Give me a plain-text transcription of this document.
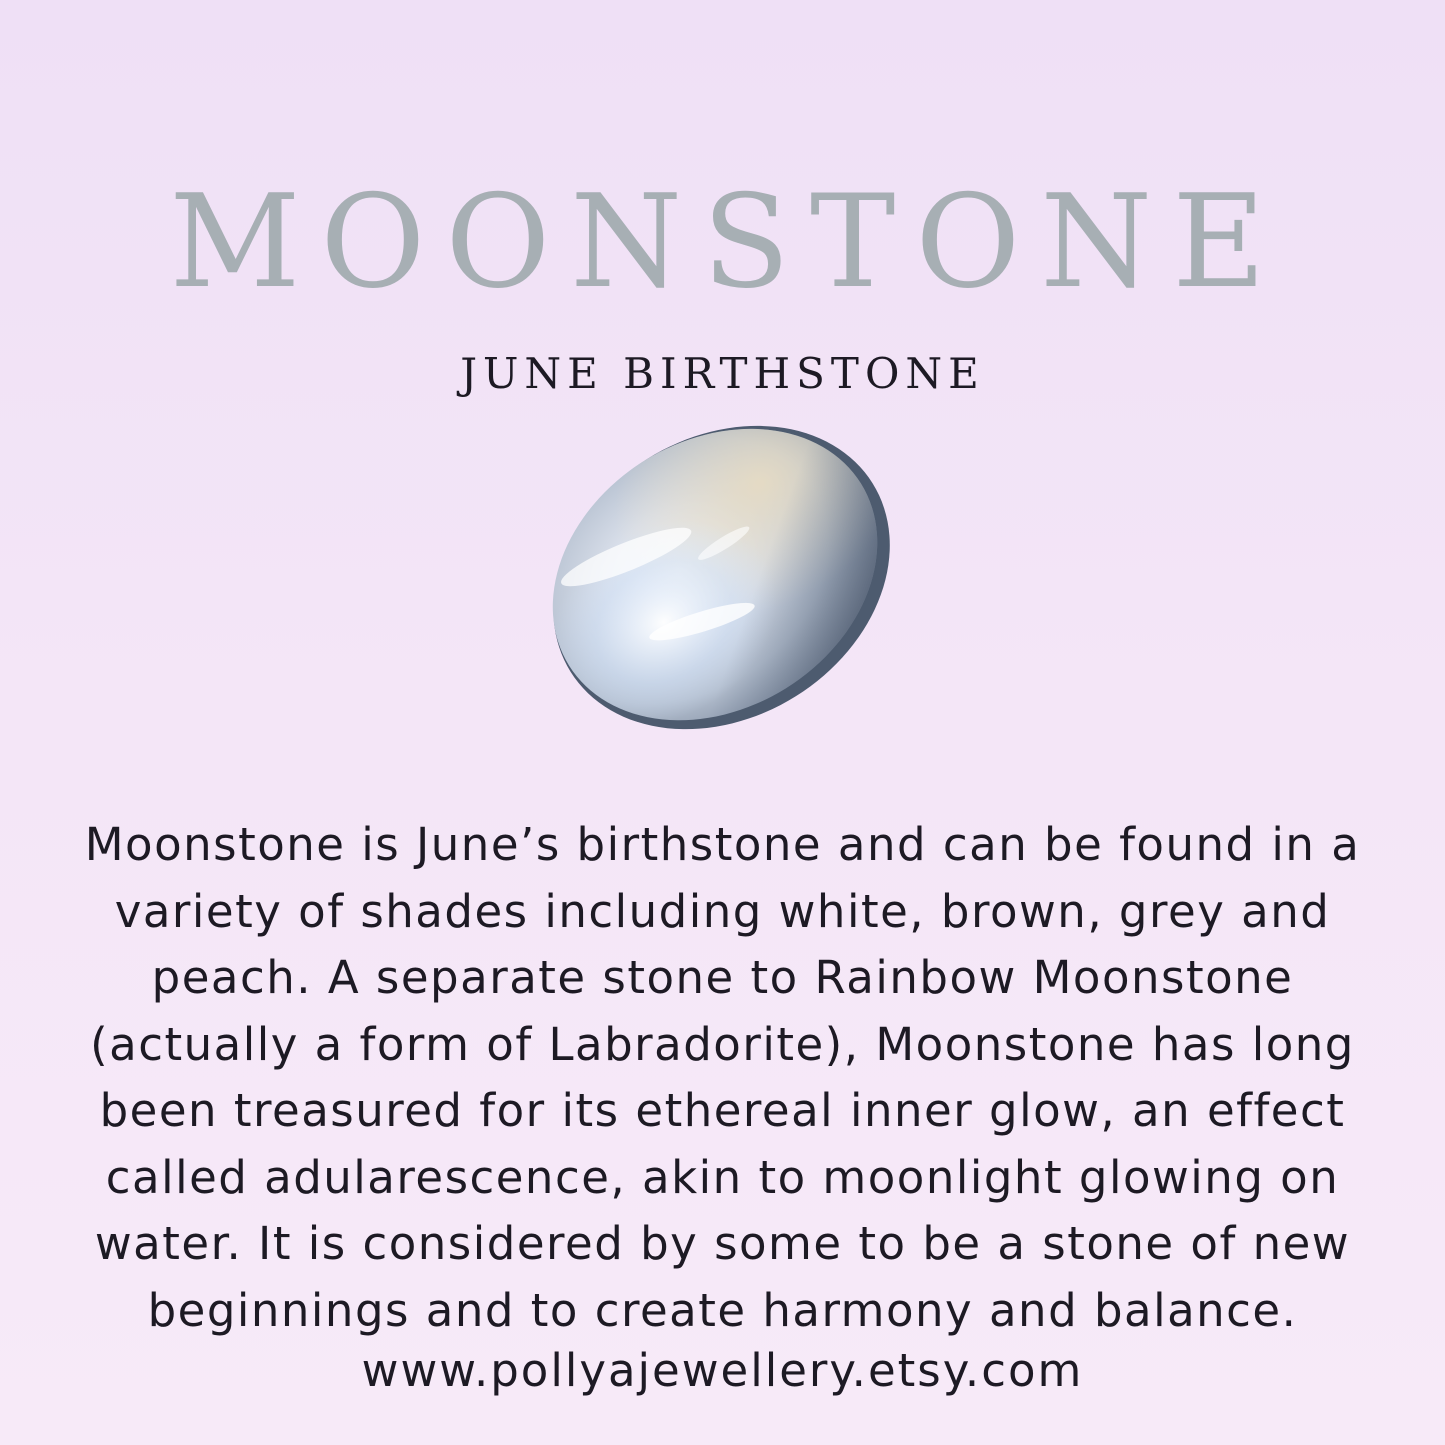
MOONSTONE
JUNE BIRTHSTONE

Moonstone is June’s birthstone and can be found in a variety of shades including white, brown, grey and peach. A separate stone to Rainbow Moonstone (actually a form of Labradorite), Moonstone has long been treasured for its ethereal inner glow, an effect called adularescence, akin to moonlight glowing on water. It is considered by some to be a stone of new beginnings and to create harmony and balance.

www.pollyajewellery.etsy.com
